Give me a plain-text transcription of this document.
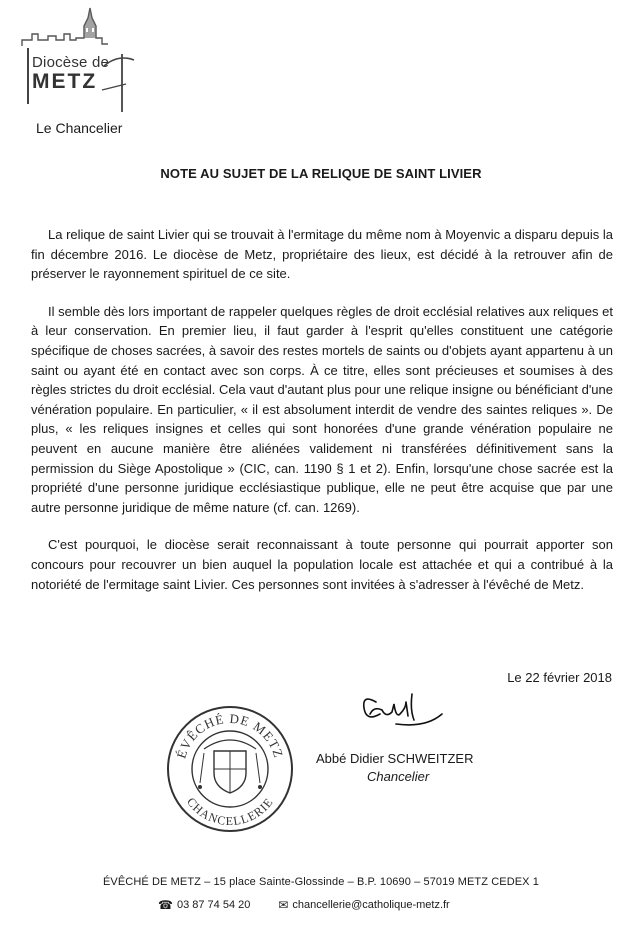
Diocèse de
METZ
Le Chancelier
NOTE AU SUJET DE LA RELIQUE DE SAINT LIVIER

La relique de saint Livier qui se trouvait à l'ermitage du même nom à Moyenvic a disparu depuis la fin décembre 2016. Le diocèse de Metz, propriétaire des lieux, est décidé à la retrouver afin de préserver le rayonnement spirituel de ce site.

Il semble dès lors important de rappeler quelques règles de droit ecclésial relatives aux reliques et à leur conservation. En premier lieu, il faut garder à l'esprit qu'elles constituent une catégorie spécifique de choses sacrées, à savoir des restes mortels de saints ou d'objets ayant appartenu à un saint ou ayant été en contact avec son corps. À ce titre, elles sont précieuses et soumises à des règles strictes du droit ecclésial. Cela vaut d'autant plus pour une relique insigne ou bénéficiant d'une vénération populaire. En particulier, « il est absolument interdit de vendre des saintes reliques ». De plus, « les reliques insignes et celles qui sont honorées d'une grande vénération populaire ne peuvent en aucune manière être aliénées validement ni transférées définitivement sans la permission du Siège Apostolique » (CIC, can. 1190 § 1 et 2). Enfin, lorsqu'une chose sacrée est la propriété d'une personne juridique ecclésiastique publique, elle ne peut être acquise que par une autre personne juridique de même nature (cf. can. 1269).

C'est pourquoi, le diocèse serait reconnaissant à toute personne qui pourrait apporter son concours pour recouvrer un bien auquel la population locale est attachée et qui a contribué à la notoriété de l'ermitage saint Livier. Ces personnes sont invitées à s'adresser à l'évêché de Metz.

Le 22 février 2018
ÉVÊCHÉ DE METZ
CHANCELLERIE
Abbé Didier SCHWEITZER
Chancelier
ÉVÊCHÉ DE METZ – 15 place Sainte-Glossinde – B.P. 10690 – 57019 METZ CEDEX 1
☎ 03 87 74 54 20 ✉ chancellerie@catholique-metz.fr
